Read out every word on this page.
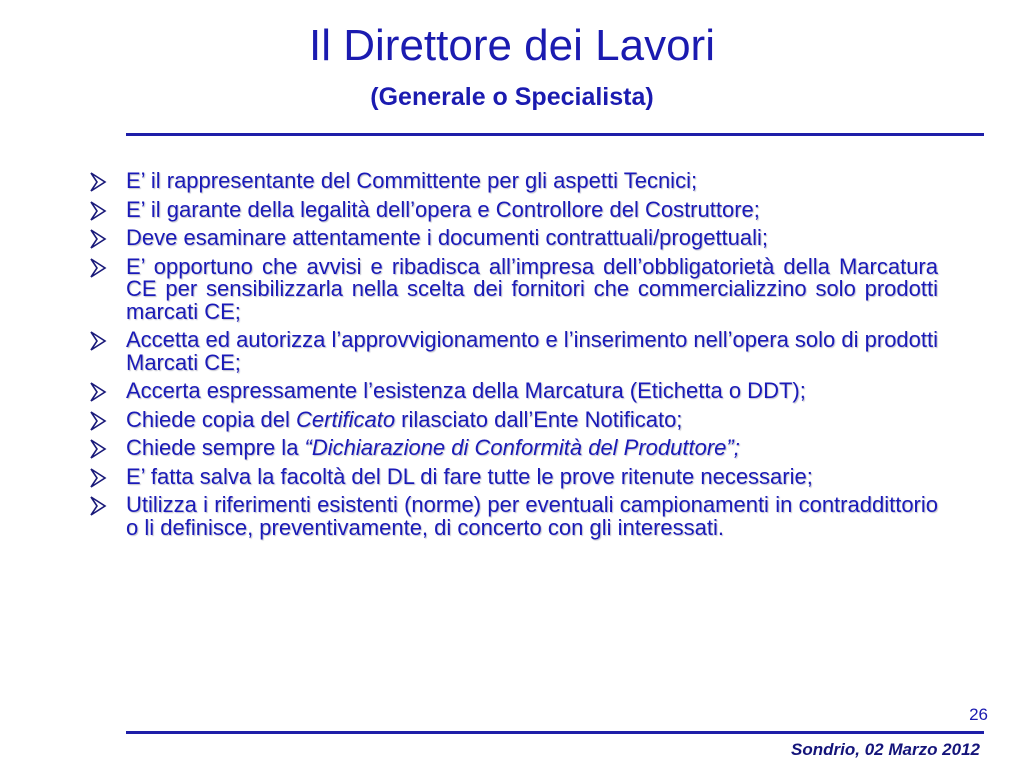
Il Direttore dei Lavori
(Generale o Specialista)
E’ il rappresentante del Committente per gli aspetti Tecnici;
E’ il garante della legalità dell’opera e Controllore del Costruttore;
Deve esaminare attentamente i documenti contrattuali/progettuali;
E’ opportuno che avvisi e ribadisca all’impresa dell’obbligatorietà della Marcatura CE per sensibilizzarla nella scelta dei fornitori che commercializzino solo prodotti marcati CE;
Accetta ed autorizza l’approvvigionamento e l’inserimento nell’opera solo di prodotti Marcati CE;
Accerta espressamente l’esistenza della Marcatura (Etichetta o DDT);
Chiede copia del Certificato rilasciato dall’Ente Notificato;
Chiede sempre la “Dichiarazione di Conformità del Produttore”;
E’ fatta salva la facoltà del DL di fare tutte le prove ritenute necessarie;
Utilizza i riferimenti esistenti (norme) per eventuali campionamenti in contraddittorio o li definisce, preventivamente, di concerto con gli interessati.
26
Sondrio, 02 Marzo 2012
